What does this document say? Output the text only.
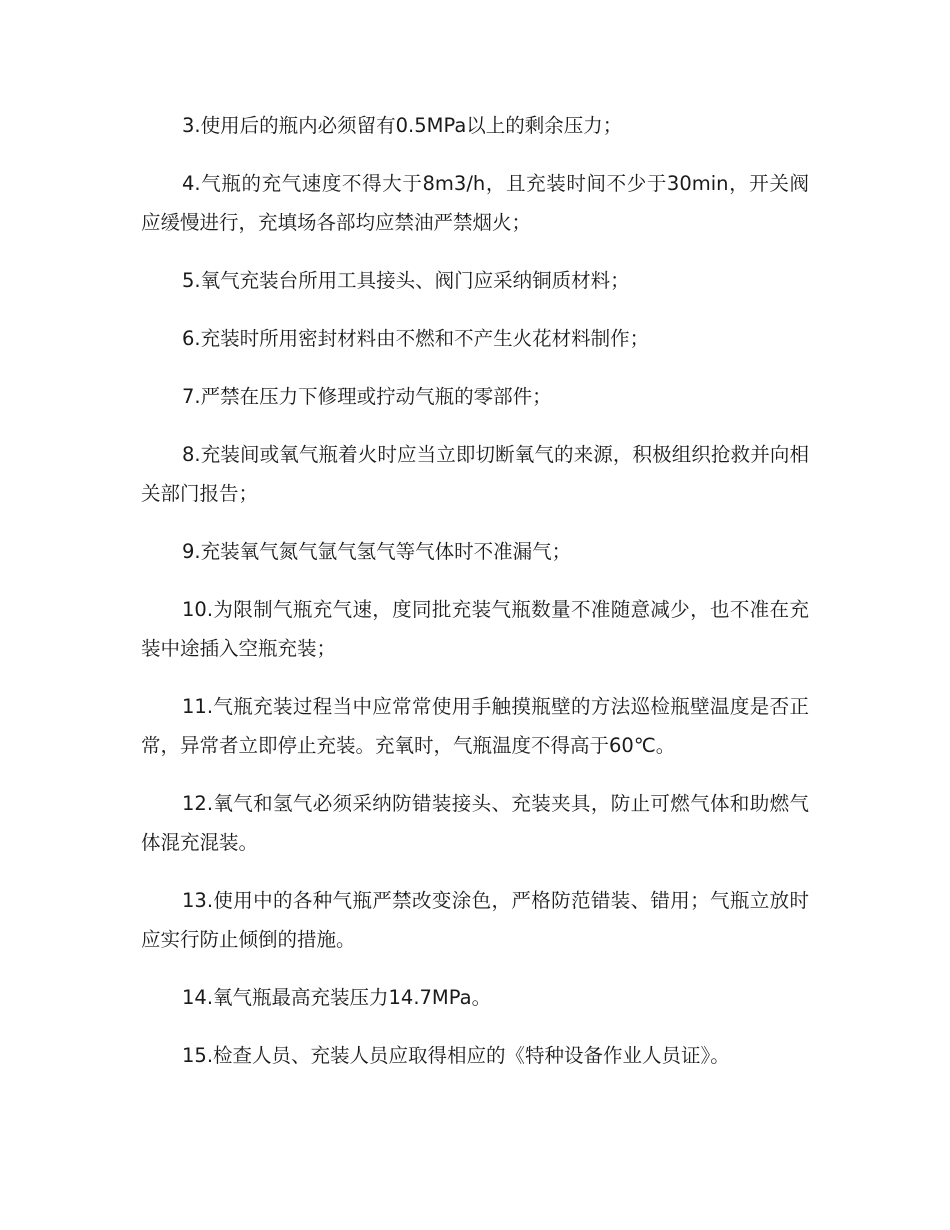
3.使用后的瓶内必须留有0.5MPa以上的剩余压力；

4.气瓶的充气速度不得大于8m3/h，且充装时间不少于30min，开关阀应缓慢进行，充填场各部均应禁油严禁烟火；

5.氧气充装台所用工具接头、阀门应采纳铜质材料；

6.充装时所用密封材料由不燃和不产生火花材料制作；

7.严禁在压力下修理或拧动气瓶的零部件；

8.充装间或氧气瓶着火时应当立即切断氧气的来源，积极组织抢救并向相关部门报告；

9.充装氧气氮气氩气氢气等气体时不准漏气；

10.为限制气瓶充气速，度同批充装气瓶数量不准随意减少，也不准在充装中途插入空瓶充装；

11.气瓶充装过程当中应常常使用手触摸瓶壁的方法巡检瓶壁温度是否正常，异常者立即停止充装。充氧时，气瓶温度不得高于60℃。

12.氧气和氢气必须采纳防错装接头、充装夹具，防止可燃气体和助燃气体混充混装。

13.使用中的各种气瓶严禁改变涂色，严格防范错装、错用；气瓶立放时应实行防止倾倒的措施。

14.氧气瓶最高充装压力14.7MPa。

15.检查人员、充装人员应取得相应的《特种设备作业人员证》。
